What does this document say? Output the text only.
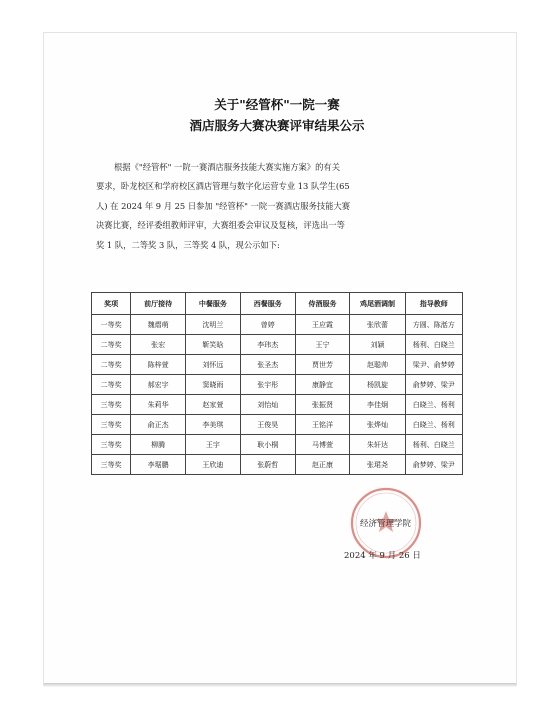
关于"经管杯"一院一赛
酒店服务大赛决赛评审结果公示
根据《"经管杯" 一院一赛酒店服务技能大赛实施方案》的有关
要求，卧龙校区和学府校区酒店管理与数字化运营专业 13 队学生(65
人) 在 2024 年 9 月 25 日参加 "经管杯" 一院一赛酒店服务技能大赛
决赛比赛，经评委组教师评审，大赛组委会审议及复核，评选出一等
奖 1 队，二等奖 3 队，三等奖 4 队，现公示如下:
奖项	前厅接待	中餐服务	西餐服务	侍酒服务	鸡尾酒调制	指导教师
一等奖	魏熠萌	沈明兰	曾婷	王应霞	张欣蕾	方圆、陈湉方
二等奖	张宏	靳笑晗	李玮杰	王宁	刘颖	杨利、白晓兰
二等奖	陈梓萱	刘怀远	张圣杰	贾世芳	赵聪帅	梁尹、俞梦婷
二等奖	郝宏宇	窦晓雨	张宇彤	康静宜	杨凯旋	俞梦婷、梁尹
三等奖	朱莉华	赵家萱	刘怡灿	张振贤	李佳炯	白晓兰、杨利
三等奖	俞正杰	李美琪	王俊昊	王铭洋	张烨灿	白晓兰、杨利
三等奖	柳腾	王宇	耿小桐	马博萱	朱轩达	杨利、白晓兰
三等奖	李琚鹏	王欣迪	张蔚哲	赵正康	张珺尧	俞梦婷、梁尹
经济管理学院
2024 年 9 月 26 日
